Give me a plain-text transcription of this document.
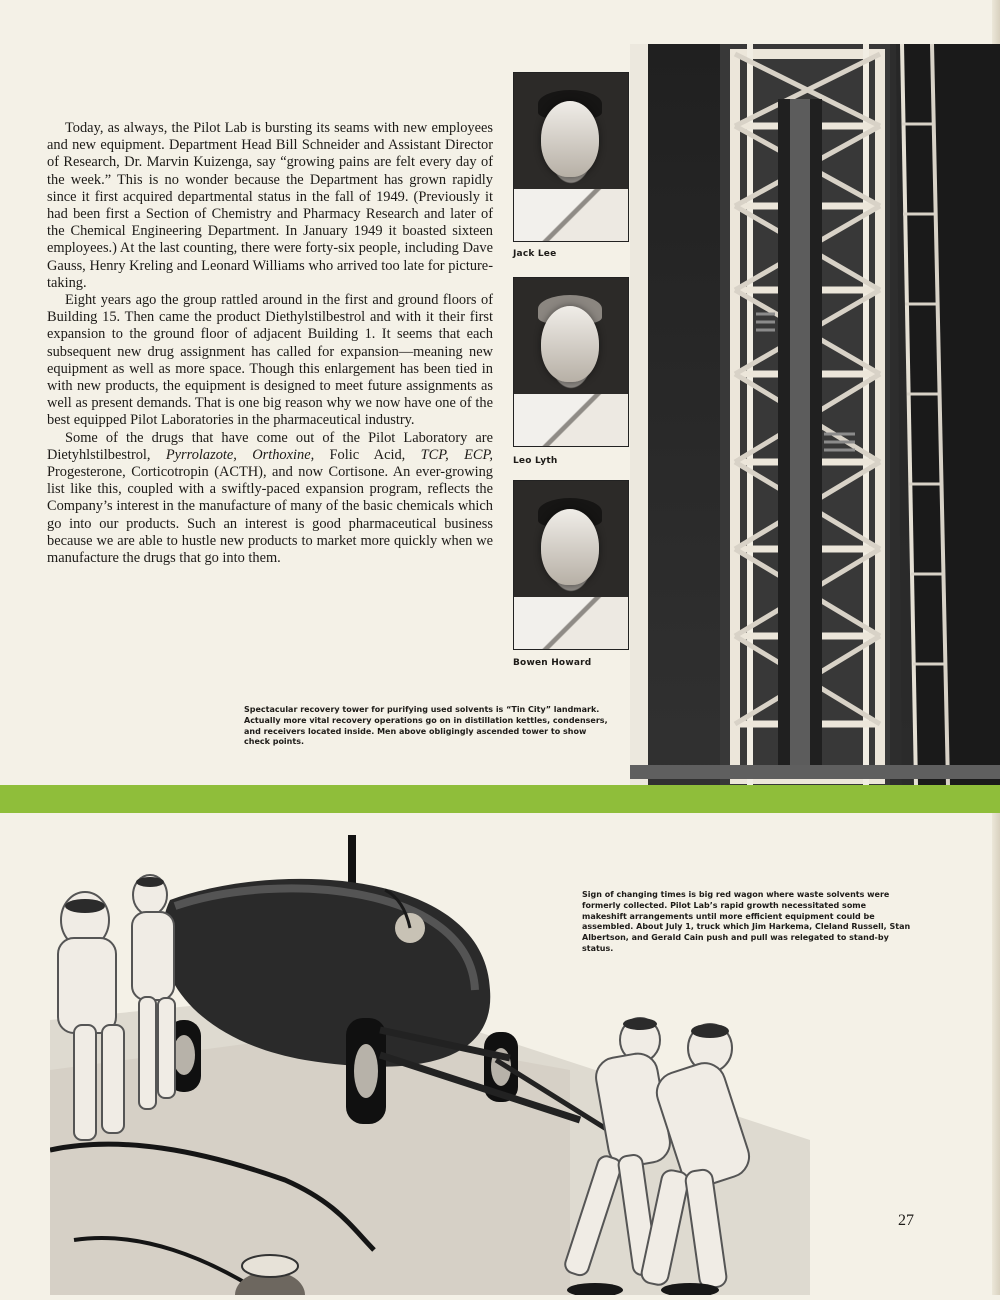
Today, as always, the Pilot Lab is bursting its seams with new employees and new equipment. Department Head Bill Schneider and Assistant Director of Research, Dr. Marvin Kuizenga, say “growing pains are felt every day of the week.” This is no wonder because the Department has grown rapidly since it first acquired departmental status in the fall of 1949. (Previously it had been first a Section of Chemistry and Pharmacy Research and later of the Chemical Engineering Department. In January 1949 it boasted sixteen employees.) At the last counting, there were forty-six people, including Dave Gauss, Henry Kreling and Leonard Williams who arrived too late for picture-taking.

Eight years ago the group rattled around in the first and ground floors of Building 15. Then came the product Diethylstilbestrol and with it their first expansion to the ground floor of adjacent Building 1. It seems that each subsequent new drug assignment has called for expansion—meaning new equipment as well as more space. Though this enlargement has been tied in with new products, the equipment is designed to meet future assignments as well as present demands. That is one big reason why we now have one of the best equipped Pilot Laboratories in the pharmaceutical industry.

Some of the drugs that have come out of the Pilot Laboratory are Dietyhlstilbestrol, Pyrrolazote, Orthoxine, Folic Acid, TCP, ECP, Progesterone, Corticotropin (ACTH), and now Cortisone. An ever-growing list like this, coupled with a swiftly-paced expansion program, reflects the Company’s interest in the manufacture of many of the basic chemicals which go into our products. Such an interest is good pharmaceutical business because we are able to hustle new products to market more quickly when we manufacture the drugs that go into them.

Jack Lee
Leo Lyth
Bowen Howard
Spectacular recovery tower for purifying used solvents is “Tin City” landmark. Actually more vital recovery operations go on in distillation kettles, condensers, and receivers located inside. Men above obligingly ascended tower to show check points.
Sign of changing times is big red wagon where waste solvents were formerly collected. Pilot Lab’s rapid growth necessitated some makeshift arrangements until more efficient equipment could be assembled. About July 1, truck which Jim Harkema, Cleland Russell, Stan Albertson, and Gerald Cain push and pull was relegated to stand-by status.
27
